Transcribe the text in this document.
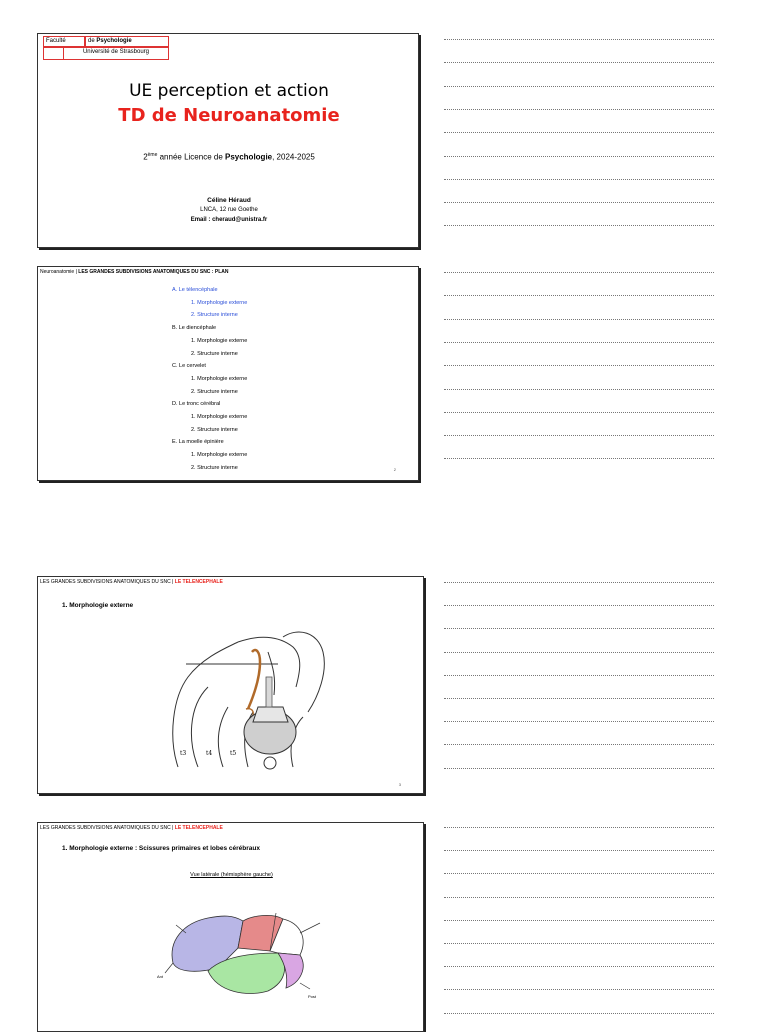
Faculté	de Psychologie
Université de Strasbourg
UE perception et action
TD de Neuroanatomie
2ème année Licence de Psychologie, 2024-2025
Céline Héraud
LNCA, 12 rue Goethe
Email : cheraud@unistra.fr
Neuroanatomie | LES GRANDES SUBDIVISIONS ANATOMIQUES DU SNC : PLAN
A. Le télencéphale
1. Morphologie externe
2. Structure interne
B. Le diencéphale
1. Morphologie externe
2. Structure interne
C. Le cervelet
1. Morphologie externe
2. Structure interne
D. Le tronc cérébral
1. Morphologie externe
2. Structure interne
E. La moelle épinière
1. Morphologie externe
2. Structure interne	2
LES GRANDES SUBDIVISIONS ANATOMIQUES DU SNC | LE TELENCEPHALE
1. Morphologie externe
t3	t4	t5
3
LES GRANDES SUBDIVISIONS ANATOMIQUES DU SNC | LE TELENCEPHALE
1. Morphologie externe : Scissures primaires et lobes cérébraux
Vue latérale (hémisphère gauche)
Ant
Post
